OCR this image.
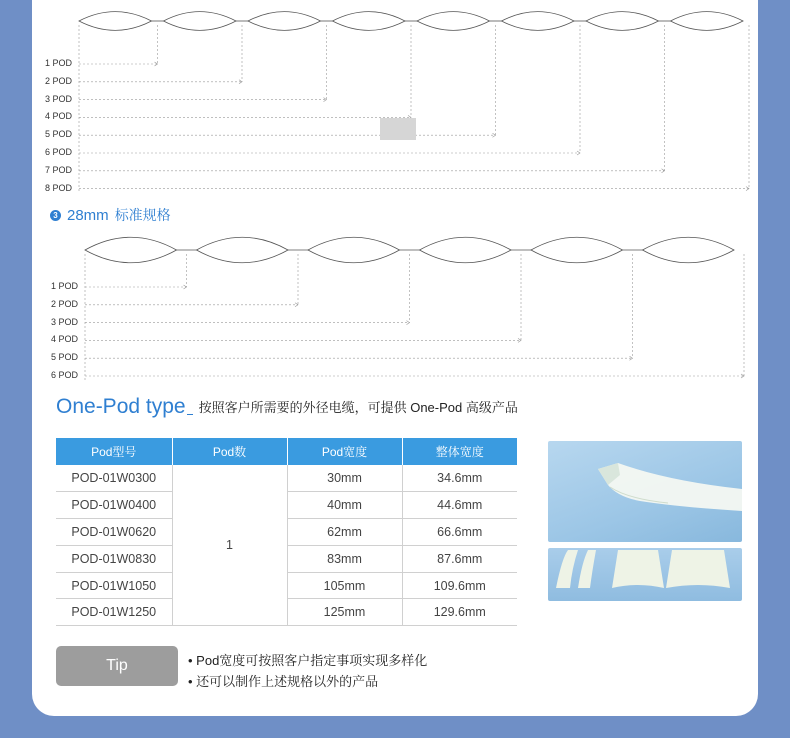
1 POD
2 POD
3 POD
4 POD
5 POD
6 POD
7 POD
8 POD
3 28mm 标准规格
1 POD
2 POD
3 POD
4 POD
5 POD
6 POD
One-Pod type 按照客户所需要的外径电缆，可提供 One-Pod 高级产品
Pod型号	Pod数	Pod宽度	整体宽度
POD-01W0300	1	30mm	34.6mm
POD-01W0400		40mm	44.6mm
POD-01W0620		62mm	66.6mm
POD-01W0830		83mm	87.6mm
POD-01W1050		105mm	109.6mm
POD-01W1250		125mm	129.6mm
Tip	• Pod宽度可按照客户指定事项实现多样化
• 还可以制作上述规格以外的产品
